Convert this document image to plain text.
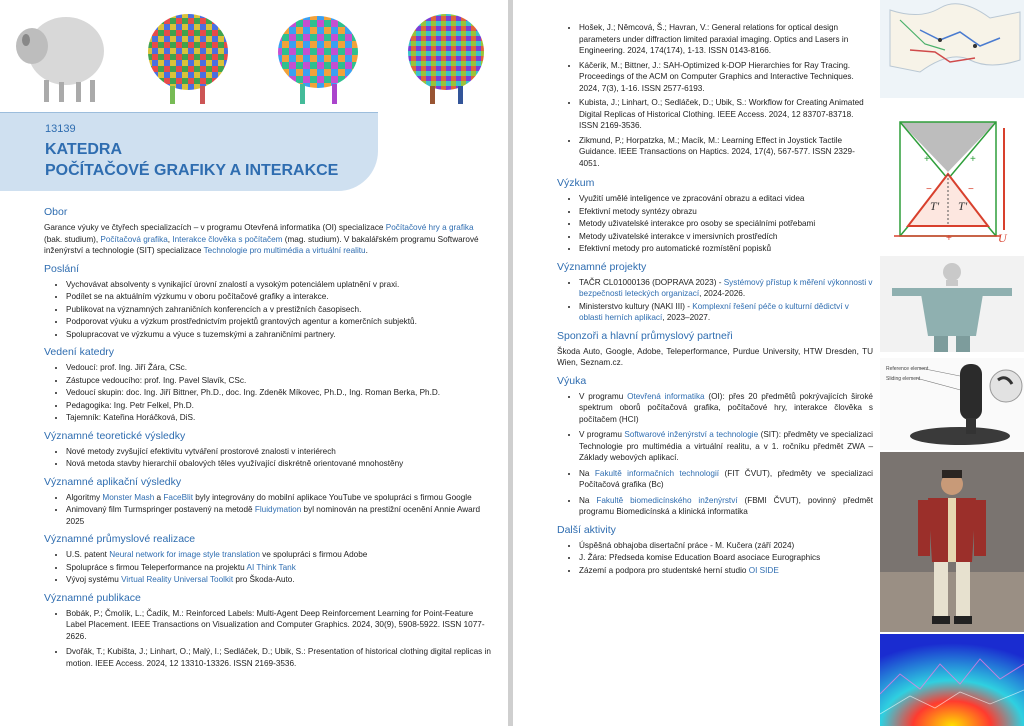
13139
KATEDRA
POČÍTAČOVÉ GRAFIKY A INTERAKCE
Obor

Garance výuky ve čtyřech specializacích – v programu Otevřená informatika (OI) specializace Počítačové hry a grafika (bak. studium), Počítačová grafika, Interakce člověka s počítačem (mag. studium). V bakalářském programu Softwarové inženýrství a technologie (SIT) specializace Technologie pro multimédia a virtuální realitu.

Poslání
• Vychovávat absolventy s vynikající úrovní znalostí a vysokým potenciálem uplatnění v praxi.
• Podílet se na aktuálním výzkumu v oboru počítačové grafiky a interakce.
• Publikovat na významných zahraničních konferencích a v prestižních časopisech.
• Podporovat výuku a výzkum prostřednictvím projektů grantových agentur a komerčních subjektů.
• Spolupracovat ve výzkumu a výuce s tuzemskými a zahraničními partnery.
Vedení katedry
• Vedoucí: prof. Ing. Jiří Žára, CSc.
• Zástupce vedoucího: prof. Ing. Pavel Slavík, CSc.
• Vedoucí skupin: doc. Ing. Jiří Bittner, Ph.D., doc. Ing. Zdeněk Míkovec, Ph.D., Ing. Roman Berka, Ph.D.
• Pedagogika: Ing. Petr Felkel, Ph.D.
• Tajemník: Kateřina Horáčková, DiS.
Významné teoretické výsledky
• Nové metody zvyšující efektivitu vytváření prostorové znalosti v interiérech
• Nová metoda stavby hierarchií obalových těles využívající diskrétně orientované mnohostěny
Významné aplikační výsledky
• Algoritmy Monster Mash a FaceBlit byly integrovány do mobilní aplikace YouTube ve spolupráci s firmou Google
• Animovaný film Turmspringer postavený na metodě Fluidymation byl nominován na prestižní ocenění Annie Award 2025
Významné průmyslové realizace
• U.S. patent Neural network for image style translation ve spolupráci s firmou Adobe
• Spolupráce s firmou Teleperformance na projektu AI Think Tank
• Vývoj systému Virtual Reality Universal Toolkit pro Škoda-Auto.
Významné publikace
• Bobák, P.; Čmolík, L.; Čadík, M.: Reinforced Labels: Multi-Agent Deep Reinforcement Learning for Point-Feature Label Placement. IEEE Transactions on Visualization and Computer Graphics. 2024, 30(9), 5908-5922. ISSN 1077-2626.
• Dvořák, T.; Kubišta, J.; Linhart, O.; Malý, I.; Sedláček, D.; Ubik, S.: Presentation of historical clothing digital replicas in motion. IEEE Access. 2024, 12 13310-13326. ISSN 2169-3536.
• Hošek, J.; Němcová, Š.; Havran, V.: General relations for optical design parameters under diffraction limited paraxial imaging. Optics and Lasers in Engineering. 2024, 174(174), 1-13. ISSN 0143-8166.
• Káčerik, M.; Bittner, J.: SAH-Optimized k-DOP Hierarchies for Ray Tracing. Proceedings of the ACM on Computer Graphics and Interactive Techniques. 2024, 7(3), 1-16. ISSN 2577-6193.
• Kubista, J.; Linhart, O.; Sedláček, D.; Ubik, S.: Workflow for Creating Animated Digital Replicas of Historical Clothing. IEEE Access. 2024, 12 83707-83718. ISSN 2169-3536.
• Zikmund, P.; Horpatzka, M.; Macík, M.: Learning Effect in Joystick Tactile Guidance. IEEE Transactions on Haptics. 2024, 17(4), 567-577. ISSN 2329-4051.
Výzkum
• Využití umělé inteligence ve zpracování obrazu a editaci videa
• Efektivní metody syntézy obrazu
• Metody uživatelské interakce pro osoby se speciálními potřebami
• Metody uživatelské interakce v imersivních prostředích
• Efektivní metody pro automatické rozmístění popisků
Významné projekty
• TAČR CL01000136 (DOPRAVA 2023) - Systémový přístup k měření výkonnosti v bezpečnosti leteckých organizací, 2024-2026.
• Ministerstvo kultury (NAKI III) - Komplexní řešení péče o kulturní dědictví v oblasti herních aplikací, 2023–2027.
Sponzoři a hlavní průmyslový partneři

Škoda Auto, Google, Adobe, Teleperformance, Purdue University, HTW Dresden, TU Wien, Seznam.cz.

Výuka
• V programu Otevřená informatika (OI): přes 20 předmětů pokrývajících široké spektrum oborů počítačová grafika, počítačové hry, interakce člověka s počítačem (HCI)
• V programu Softwarové inženýrství a technologie (SIT): předměty ve specializaci Technologie pro multimédia a virtuální realitu, a v 1. ročníku předmět ZWA – Základy webových aplikací.
• Na Fakultě informačních technologií (FIT ČVUT), předměty ve specializaci Počítačová grafika (Bc)
• Na Fakultě biomedicínského inženýrství (FBMI ČVUT), povinný předmět programu Biomedicínská a klinická informatika
Další aktivity
• Úspěšná obhajoba disertační práce - M. Kučera (září 2024)
• J. Žára: Předseda komise Education Board asociace Eurographics
• Zázemí a podpora pro studentské herní studio OI SIDE
T' T'
U
+	+
−	−
+
Reference element
Sliding element
